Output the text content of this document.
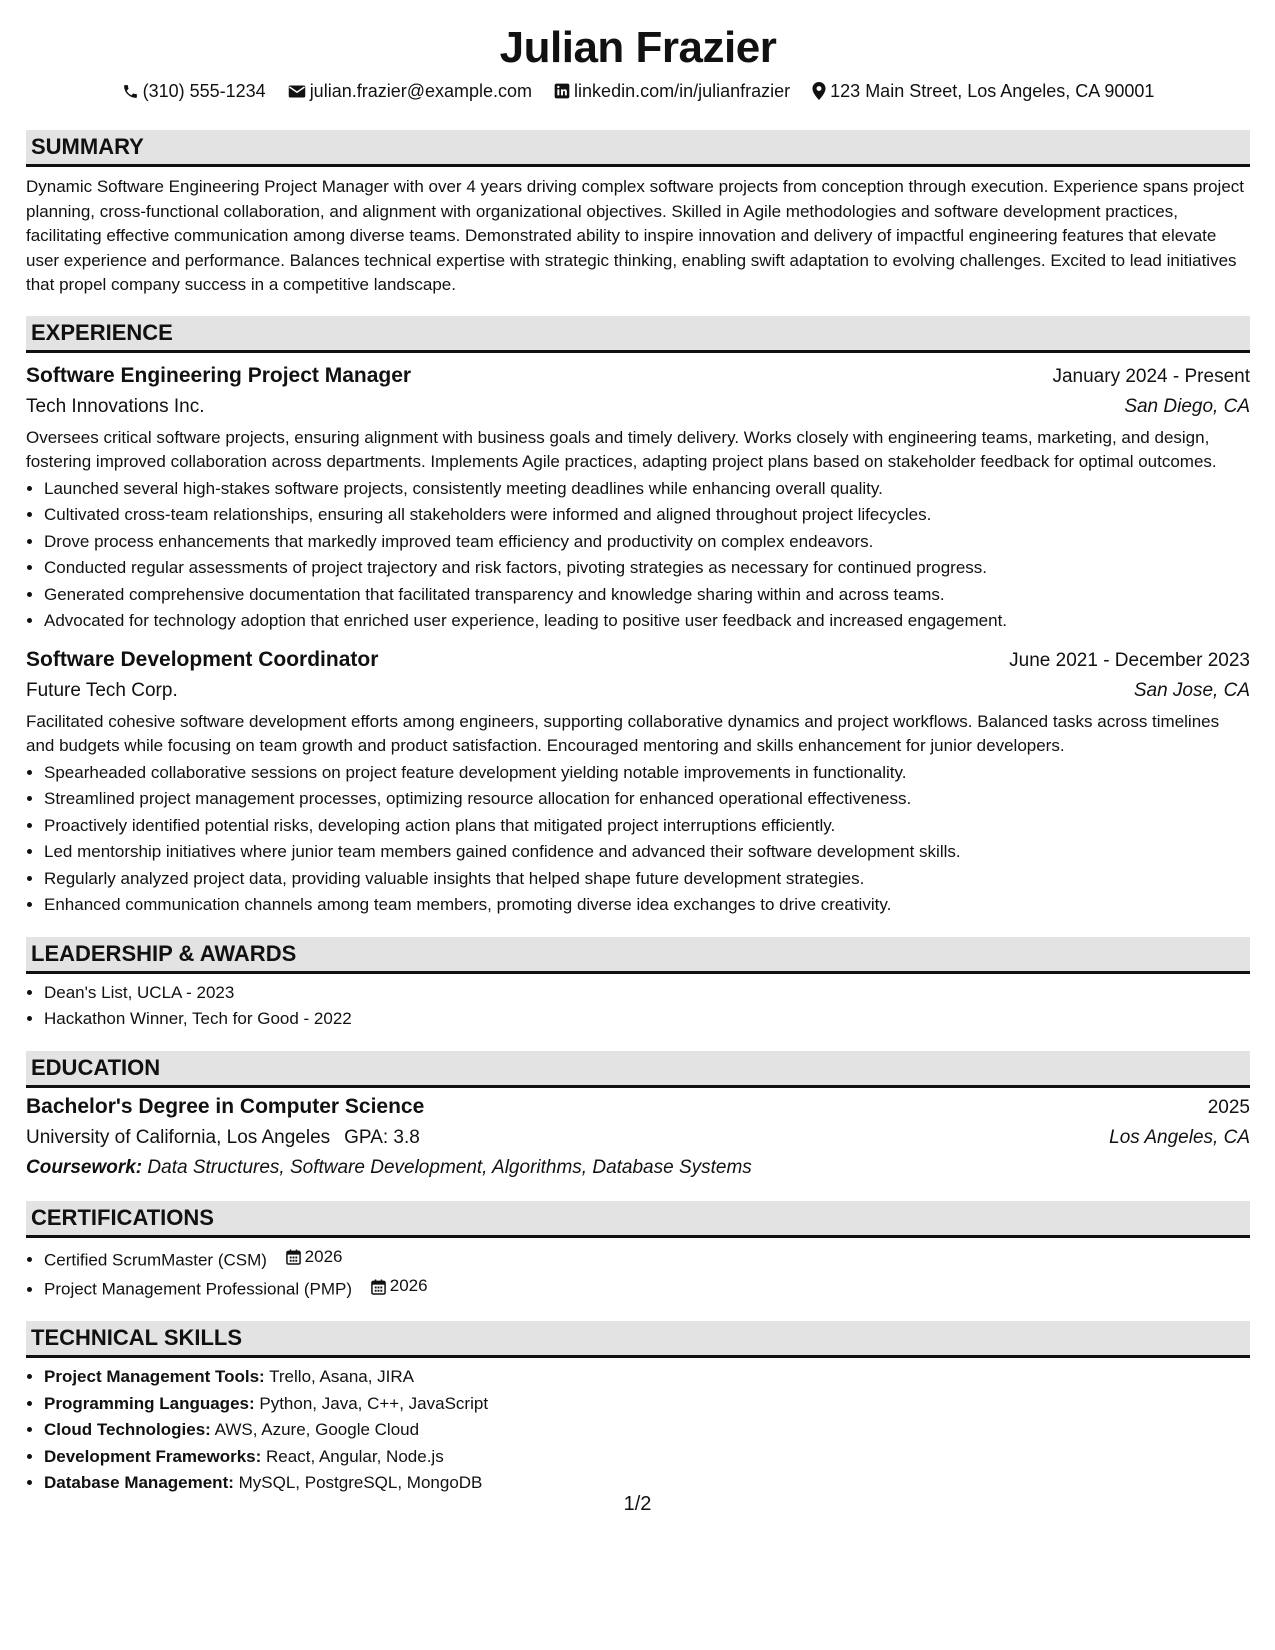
Julian Frazier
(310) 555-1234 julian.frazier@example.com linkedin.com/in/julianfrazier 123 Main Street, Los Angeles, CA 90001
SUMMARY

Dynamic Software Engineering Project Manager with over 4 years driving complex software projects from conception through execution. Experience spans project planning, cross-functional collaboration, and alignment with organizational objectives. Skilled in Agile methodologies and software development practices, facilitating effective communication among diverse teams. Demonstrated ability to inspire innovation and delivery of impactful engineering features that elevate user experience and performance. Balances technical expertise with strategic thinking, enabling swift adaptation to evolving challenges. Excited to lead initiatives that propel company success in a competitive landscape.

EXPERIENCE
Software Engineering Project Manager	January 2024 - Present
Tech Innovations Inc.	San Diego, CA

Oversees critical software projects, ensuring alignment with business goals and timely delivery. Works closely with engineering teams, marketing, and design, fostering improved collaboration across departments. Implements Agile practices, adapting project plans based on stakeholder feedback for optimal outcomes.

• Launched several high-stakes software projects, consistently meeting deadlines while enhancing overall quality.
• Cultivated cross-team relationships, ensuring all stakeholders were informed and aligned throughout project lifecycles.
• Drove process enhancements that markedly improved team efficiency and productivity on complex endeavors.
• Conducted regular assessments of project trajectory and risk factors, pivoting strategies as necessary for continued progress.
• Generated comprehensive documentation that facilitated transparency and knowledge sharing within and across teams.
• Advocated for technology adoption that enriched user experience, leading to positive user feedback and increased engagement.
Software Development Coordinator	June 2021 - December 2023
Future Tech Corp.	San Jose, CA

Facilitated cohesive software development efforts among engineers, supporting collaborative dynamics and project workflows. Balanced tasks across timelines and budgets while focusing on team growth and product satisfaction. Encouraged mentoring and skills enhancement for junior developers.

• Spearheaded collaborative sessions on project feature development yielding notable improvements in functionality.
• Streamlined project management processes, optimizing resource allocation for enhanced operational effectiveness.
• Proactively identified potential risks, developing action plans that mitigated project interruptions efficiently.
• Led mentorship initiatives where junior team members gained confidence and advanced their software development skills.
• Regularly analyzed project data, providing valuable insights that helped shape future development strategies.
• Enhanced communication channels among team members, promoting diverse idea exchanges to drive creativity.
LEADERSHIP & AWARDS
• Dean's List, UCLA - 2023
• Hackathon Winner, Tech for Good - 2022
EDUCATION
Bachelor's Degree in Computer Science	2025
University of California, Los Angeles GPA: 3.8	Los Angeles, CA
Coursework: Data Structures, Software Development, Algorithms, Database Systems
CERTIFICATIONS
• Certified ScrumMaster (CSM) 2026
• Project Management Professional (PMP) 2026
TECHNICAL SKILLS
• Project Management Tools: Trello, Asana, JIRA
• Programming Languages: Python, Java, C++, JavaScript
• Cloud Technologies: AWS, Azure, Google Cloud
• Development Frameworks: React, Angular, Node.js
• Database Management: MySQL, PostgreSQL, MongoDB
1/2
